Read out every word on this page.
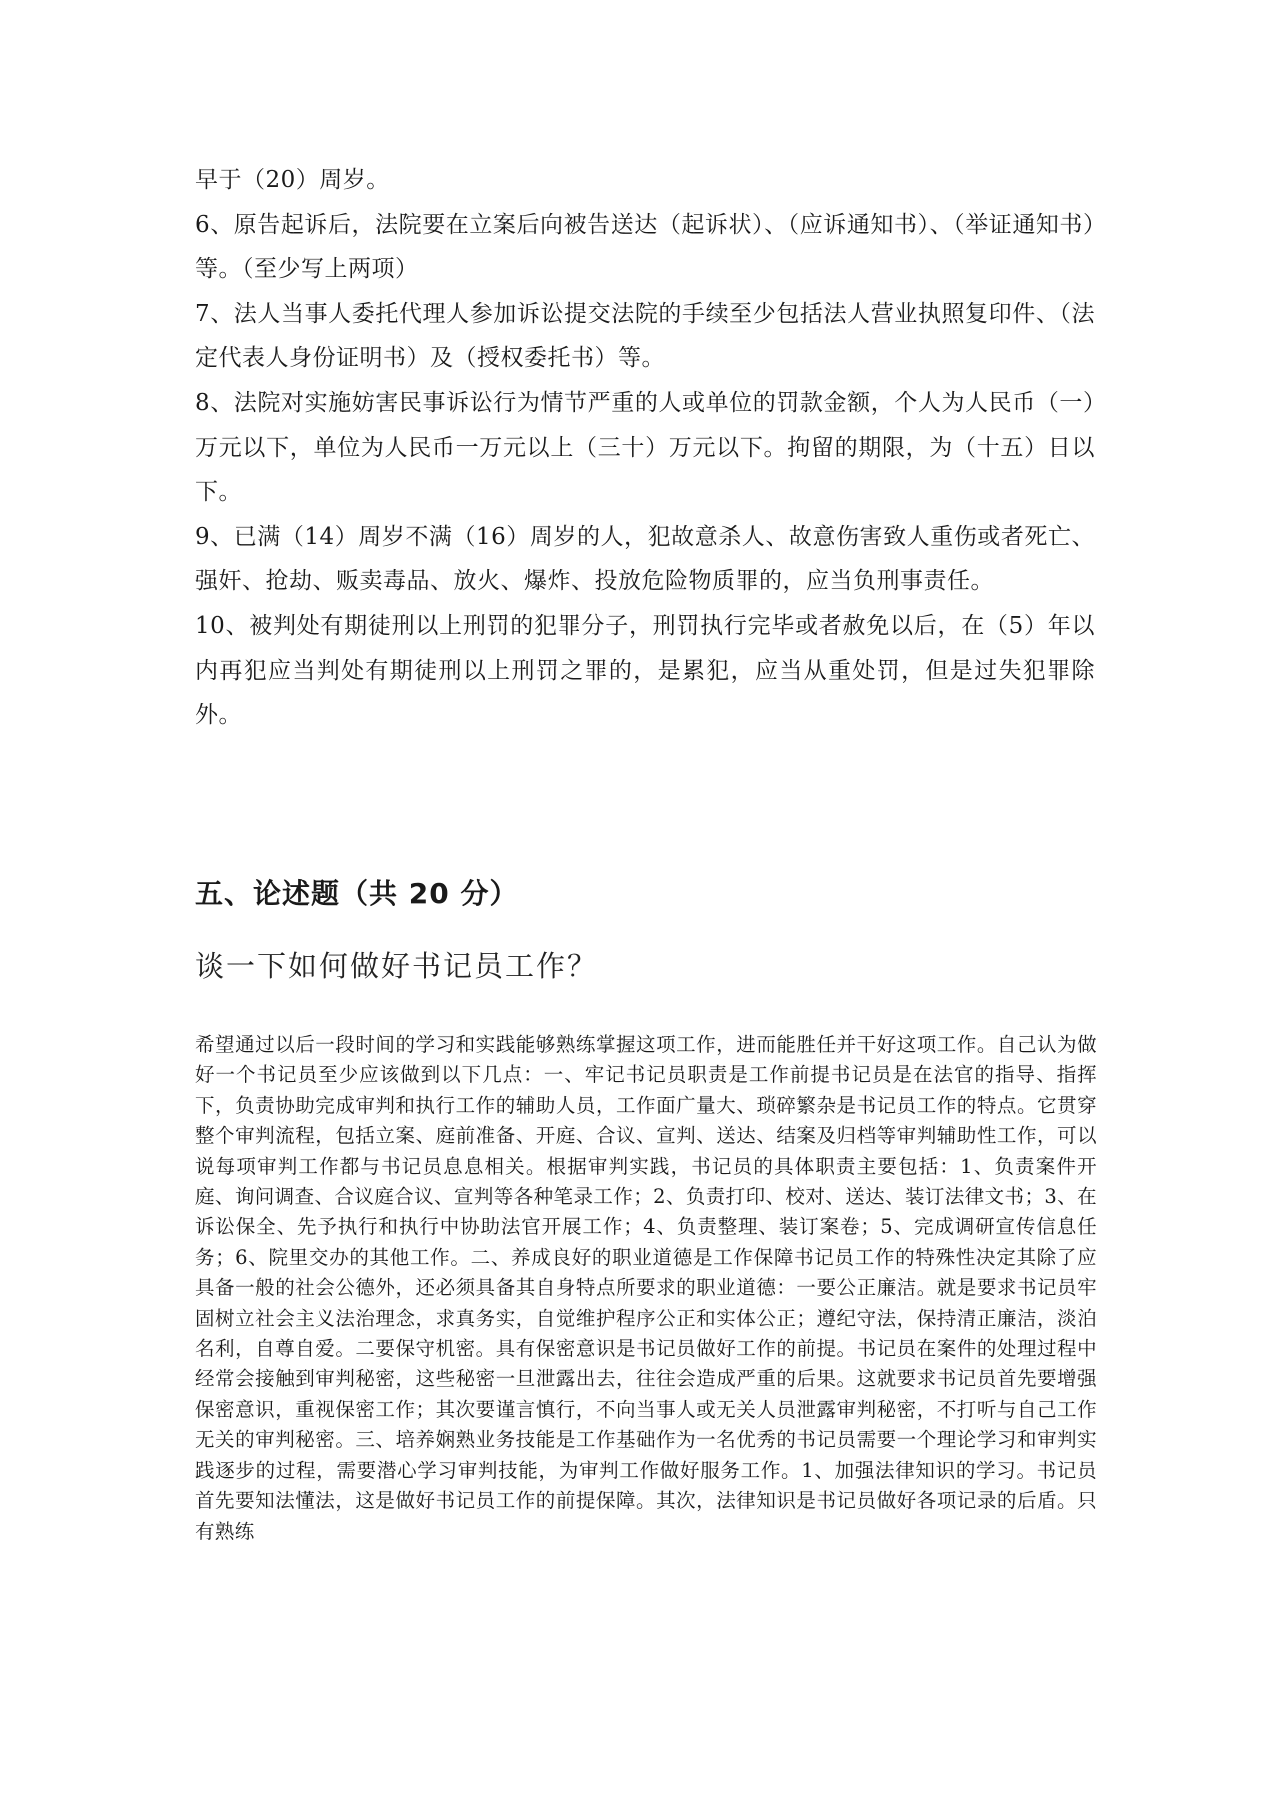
早于（20）周岁。

6、原告起诉后，法院要在立案后向被告送达（起诉状）、（应诉通知书）、（举证通知书）等。（至少写上两项）

7、法人当事人委托代理人参加诉讼提交法院的手续至少包括法人营业执照复印件、（法定代表人身份证明书）及（授权委托书）等。

8、法院对实施妨害民事诉讼行为情节严重的人或单位的罚款金额，个人为人民币（一）万元以下，单位为人民币一万元以上（三十）万元以下。拘留的期限，为（十五）日以下。

9、已满（14）周岁不满（16）周岁的人，犯故意杀人、故意伤害致人重伤或者死亡、强奸、抢劫、贩卖毒品、放火、爆炸、投放危险物质罪的，应当负刑事责任。

10、被判处有期徒刑以上刑罚的犯罪分子，刑罚执行完毕或者赦免以后，在（5）年以内再犯应当判处有期徒刑以上刑罚之罪的，是累犯，应当从重处罚，但是过失犯罪除外。

五、论述题（共 20 分）
谈一下如何做好书记员工作？

希望通过以后一段时间的学习和实践能够熟练掌握这项工作，进而能胜任并干好这项工作。自己认为做好一个书记员至少应该做到以下几点：一、牢记书记员职责是工作前提书记员是在法官的指导、指挥下，负责协助完成审判和执行工作的辅助人员，工作面广量大、琐碎繁杂是书记员工作的特点。它贯穿整个审判流程，包括立案、庭前准备、开庭、合议、宣判、送达、结案及归档等审判辅助性工作，可以说每项审判工作都与书记员息息相关。根据审判实践，书记员的具体职责主要包括：1、负责案件开庭、询问调查、合议庭合议、宣判等各种笔录工作；2、负责打印、校对、送达、装订法律文书；3、在诉讼保全、先予执行和执行中协助法官开展工作；4、负责整理、装订案卷；5、完成调研宣传信息任务；6、院里交办的其他工作。二、养成良好的职业道德是工作保障书记员工作的特殊性决定其除了应具备一般的社会公德外，还必须具备其自身特点所要求的职业道德：一要公正廉洁。就是要求书记员牢固树立社会主义法治理念，求真务实，自觉维护程序公正和实体公正；遵纪守法，保持清正廉洁，淡泊名利，自尊自爱。二要保守机密。具有保密意识是书记员做好工作的前提。书记员在案件的处理过程中经常会接触到审判秘密，这些秘密一旦泄露出去，往往会造成严重的后果。这就要求书记员首先要增强保密意识，重视保密工作；其次要谨言慎行，不向当事人或无关人员泄露审判秘密，不打听与自己工作无关的审判秘密。三、培养娴熟业务技能是工作基础作为一名优秀的书记员需要一个理论学习和审判实践逐步的过程，需要潜心学习审判技能，为审判工作做好服务工作。1、加强法律知识的学习。书记员首先要知法懂法，这是做好书记员工作的前提保障。其次，法律知识是书记员做好各项记录的后盾。只有熟练
